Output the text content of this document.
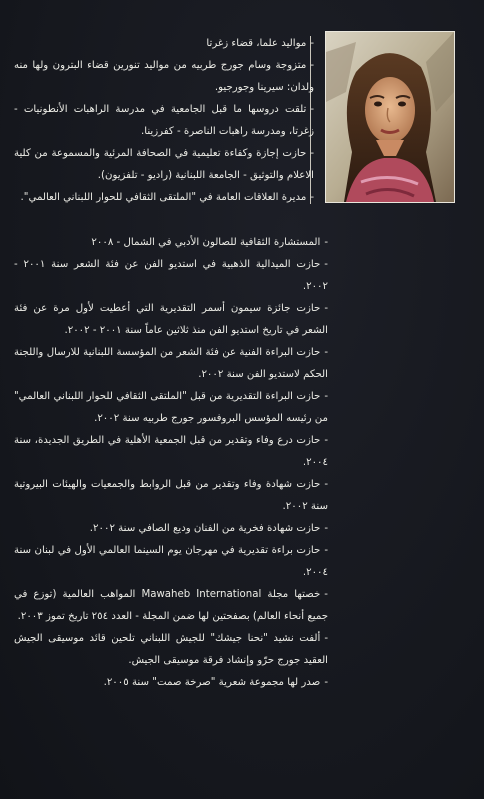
-موالید علما، قضاء زغرتا

-متزوجة وسام جورج طربیه من موالید تنورین قضاء البترون ولها منه ولدان: سیرینا وجورجیو.

-تلقت دروسها ما قبل الجامعیة في مدرسة الراهبات الأنطونیات - زغرتا، ومدرسة راهبات الناصرة - كفرزینا.

-حازت إجازة وكفاءة تعلیمیة في الصحافة المرئیة والمسموعة من كلیة الاعلام والتوثیق - الجامعة اللبنانیة (رادیو - تلفزیون).

-مدیرة العلاقات العامة في "الملتقى الثقافي للحوار اللبناني العالمي".

-المستشارة الثقافیة للصالون الأدبي في الشمال - ٢٠٠٨

-حازت المیدالیة الذهبیة في استدیو الفن عن فئة الشعر سنة ٢٠٠١ - ٢٠٠٢.

-حازت جائزة سیمون أسمر التقدیریة التي أعطیت لأول مرة عن فئة الشعر في تاریخ استدیو الفن منذ ثلاثین عاماً سنة ٢٠٠١ - ٢٠٠٢.

-حازت البراءة الفنیة عن فئة الشعر من المؤسسة اللبنانیة للارسال واللجنة الحكم لاستدیو الفن سنة ٢٠٠٢.

-حازت البراءة التقدیریة من قبل "الملتقى الثقافي للحوار اللبناني العالمي" من رئیسه المؤسس البروفسور جورج طربیه سنة ٢٠٠٢.

-حازت درع وفاء وتقدیر من قبل الجمعیة الأهلیة في الطریق الجدیدة، سنة ٢٠٠٤.

-حازت شهادة وفاء وتقدیر من قبل الروابط والجمعیات والهیئات البیروتیة سنة ٢٠٠٢.

-حازت شهادة فخریة من الفنان ودیع الصافي سنة ٢٠٠٢.

-حازت براءة تقدیریة في مهرجان یوم السینما العالمي الأول في لبنان سنة ٢٠٠٤.

-خصتها مجلة Mawaheb International المواهب العالمیة (توزع في جمیع أنحاء العالم) بصفحتین لها ضمن المجلة - العدد ٢٥٤ تاریخ تموز ٢٠٠٣.

-ألفت نشید "نحنا جیشك" للجیش اللبناني تلحین قائد موسیقى الجیش العقید جورج حرّو وإنشاد فرقة موسیقى الجیش.

-صدر لها مجموعة شعریة "صرخة صمت" سنة ٢٠٠٥.
